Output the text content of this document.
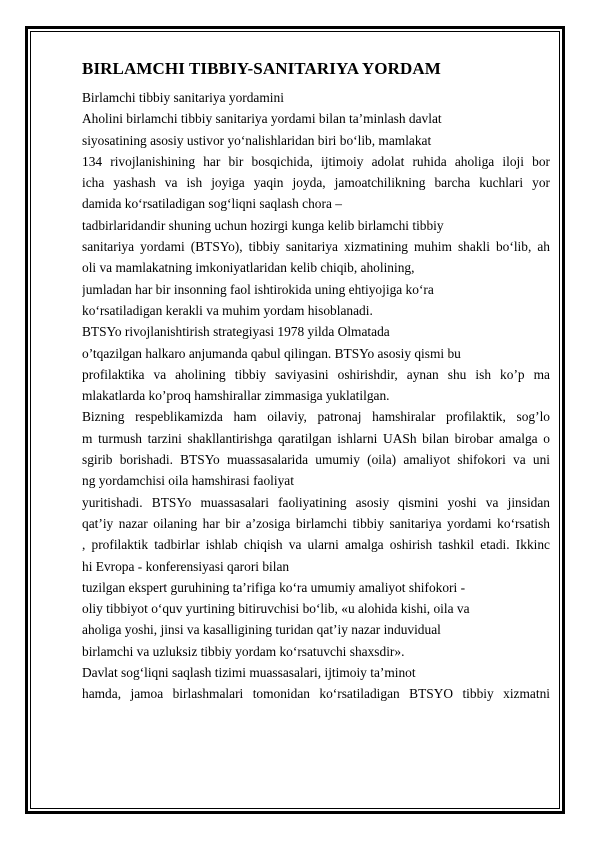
BIRLAMCHI TIBBIY-SANITARIYA YORDAM
Birlamchi tibbiy sanitariya yordamini
Aholini birlamchi tibbiy sanitariya yordami bilan ta’minlash davlat
siyosatining asosiy ustivor yo‘nalishlaridan biri bo‘lib, mamlakat
134 rivojlanishining har bir bosqichida, ijtimoiy adolat ruhida aholiga iloji bor
icha yashash va ish joyiga yaqin joyda, jamoatchilikning barcha kuchlari yor
damida ko‘rsatiladigan sog‘liqni saqlash chora –
tadbirlaridandir shuning uchun hozirgi kunga kelib birlamchi tibbiy
sanitariya yordami (BTSYo), tibbiy sanitariya xizmatining muhim shakli bo‘lib, ah
oli va mamlakatning imkoniyatlaridan kelib chiqib, aholining,
jumladan har bir insonning faol ishtirokida uning ehtiyojiga ko‘ra
ko‘rsatiladigan kerakli va muhim yordam hisoblanadi.
BTSYo rivojlanishtirish strategiyasi 1978 yilda Olmatada
o’tqazilgan halkaro anjumanda qabul qilingan. BTSYo asosiy qismi bu
profilaktika va aholining tibbiy saviyasini oshirishdir, aynan shu ish ko’p ma
mlakatlarda ko’proq hamshirallar zimmasiga yuklatilgan.
Bizning respeblikamizda ham oilaviy, patronaj hamshiralar profilaktik, sog’lo
m turmush tarzini shakllantirishga qaratilgan ishlarni UASh bilan birobar amalga o
sgirib borishadi. BTSYo muassasalarida umumiy (oila) amaliyot shifokori va uni
ng yordamchisi oila hamshirasi faoliyat
yuritishadi. BTSYo muassasalari faoliyatining asosiy qismini yoshi va jinsidan
qat’iy nazar oilaning har bir a’zosiga birlamchi tibbiy sanitariya yordami ko‘rsatish
, profilaktik tadbirlar ishlab chiqish va ularni amalga oshirish tashkil etadi. Ikkinc
hi Evropa - konferensiyasi qarori bilan
tuzilgan ekspert guruhining ta’rifiga ko‘ra umumiy amaliyot shifokori -
oliy tibbiyot o‘quv yurtining bitiruvchisi bo‘lib, «u alohida kishi, oila va
aholiga yoshi, jinsi va kasalligining turidan qat’iy nazar induvidual
birlamchi va uzluksiz tibbiy yordam ko‘rsatuvchi shaxsdir».
Davlat sog‘liqni saqlash tizimi muassasalari, ijtimoiy ta’minot
hamda, jamoa birlashmalari tomonidan ko‘rsatiladigan BTSYO tibbiy xizmatni
